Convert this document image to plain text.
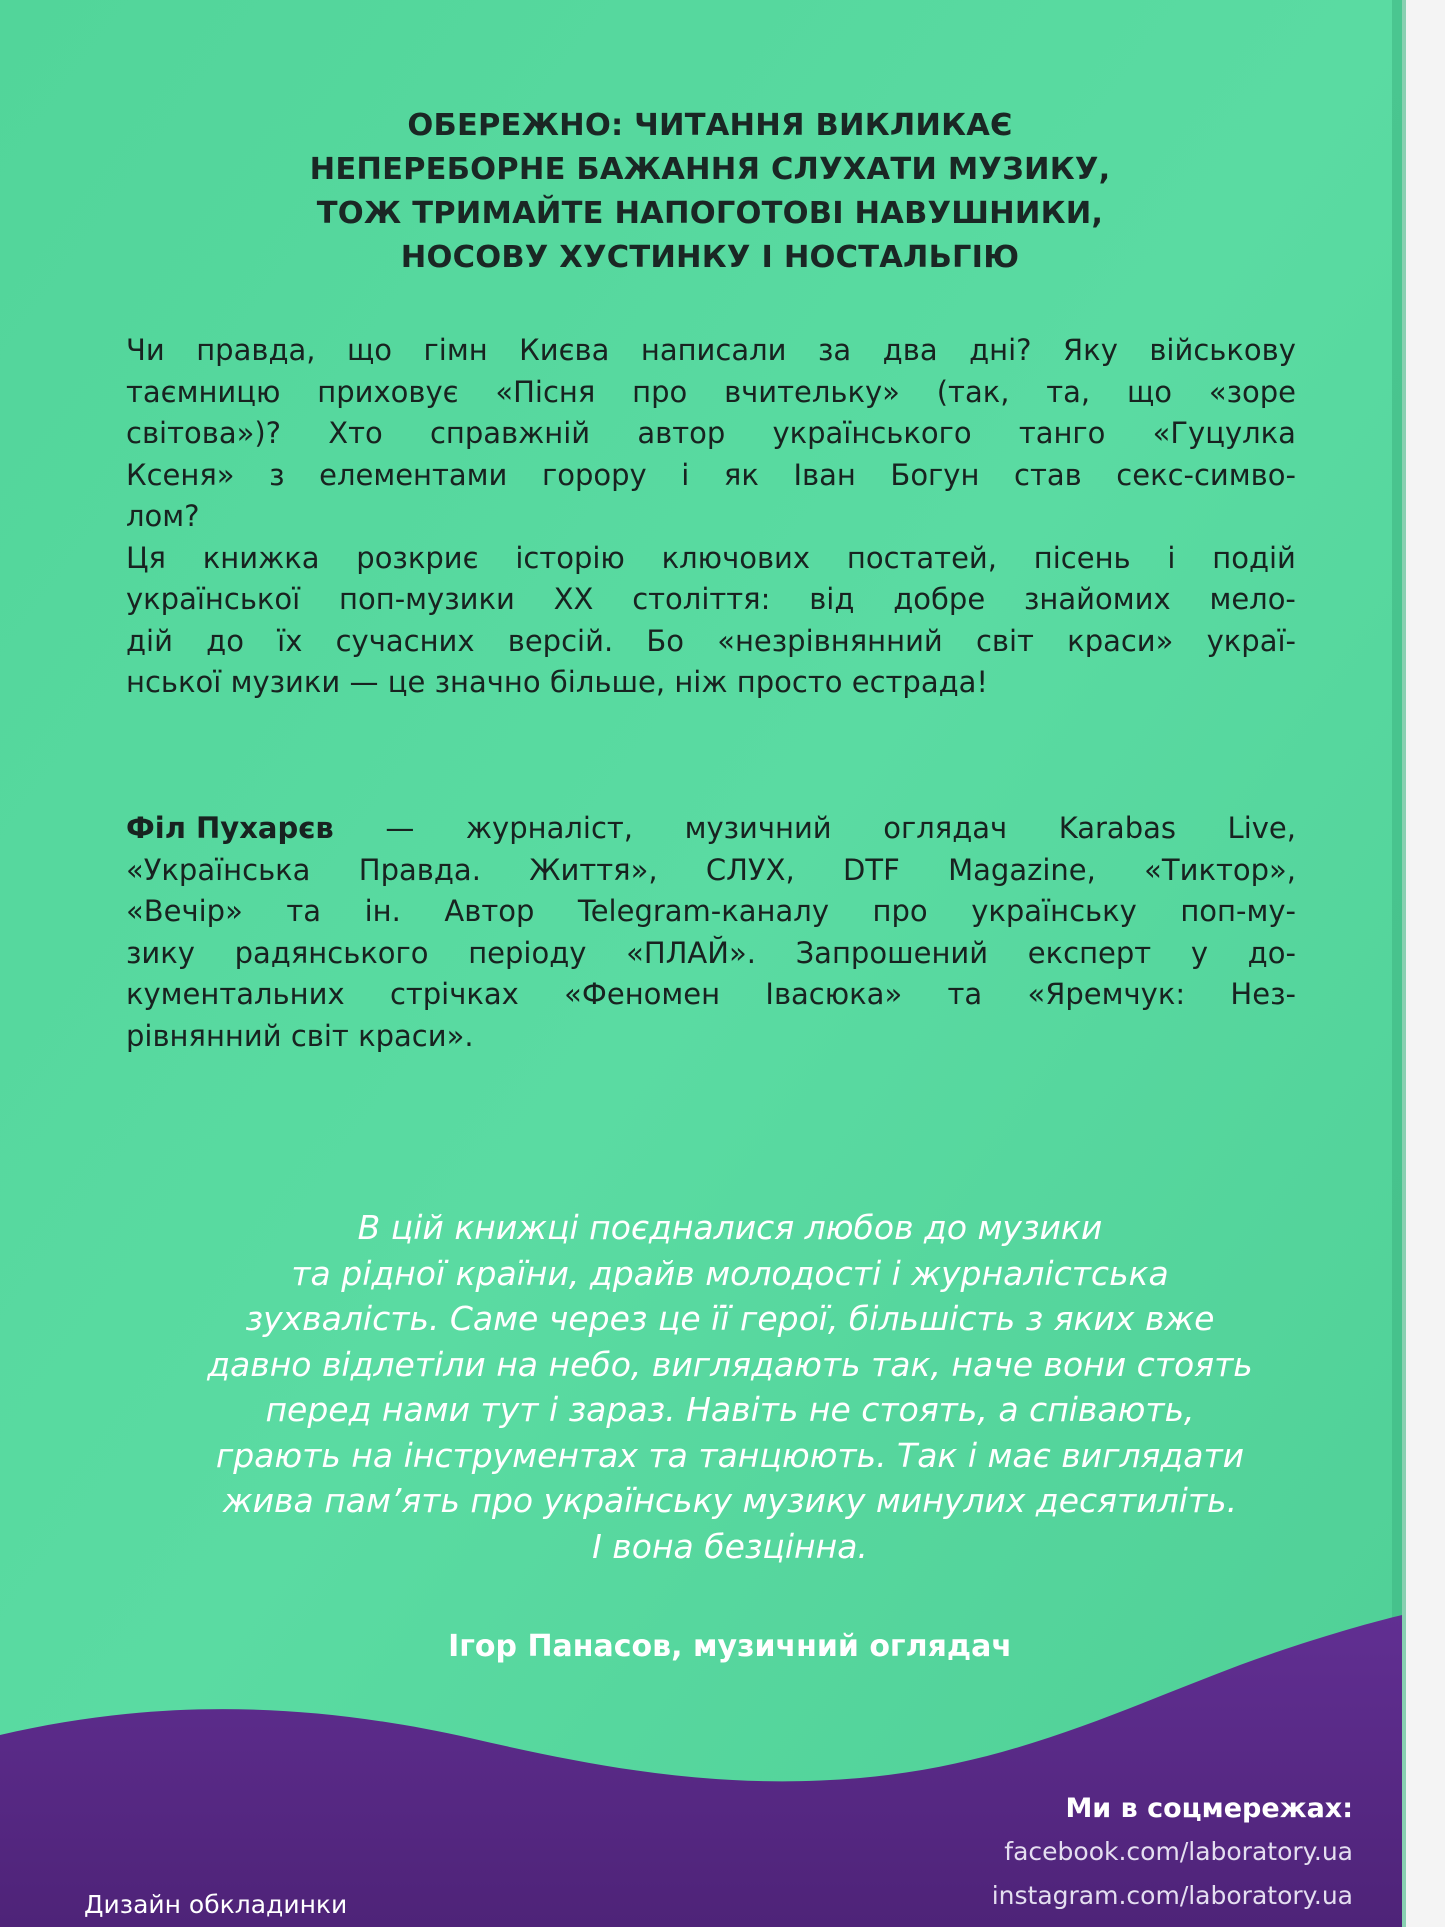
ОБЕРЕЖНО: ЧИТАННЯ ВИКЛИКАЄ
НЕПЕРЕБОРНЕ БАЖАННЯ СЛУХАТИ МУЗИКУ,
ТОЖ ТРИМАЙТЕ НАПОГОТОВІ НАВУШНИКИ,
НОСОВУ ХУСТИНКУ І НОСТАЛЬГІЮ
Чи правда, що гімн Києва написали за два дні? Яку військову
таємницю приховує «Пісня про вчительку» (так, та, що «зоре
світова»)? Хто справжній автор українського танго «Гуцулка
Ксеня» з елементами горору і як Іван Богун став секс-симво-
лом?
Ця книжка розкриє історію ключових постатей, пісень і подій
української поп-музики XX століття: від добре знайомих мело-
дій до їх сучасних версій. Бо «незрівнянний світ краси» украї-
нської музики — це значно більше, ніж просто естрада!
Філ Пухарєв — журналіст, музичний оглядач Karabas Live,
«Українська Правда. Життя», СЛУХ, DTF Magazine, «Тиктор»,
«Вечір» та ін. Автор Telegram-каналу про українську поп-му-
зику радянського періоду «ПЛАЙ». Запрошений експерт у до-
кументальних стрічках «Феномен Івасюка» та «Яремчук: Нез-
рівнянний світ краси».
В цій книжці поєдналися любов до музики
та рідної країни, драйв молодості і журналістська
зухвалість. Саме через це її герої, більшість з яких вже
давно відлетіли на небо, виглядають так, наче вони стоять
перед нами тут і зараз. Навіть не стоять, а співають,
грають на інструментах та танцюють. Так і має виглядати
жива пам’ять про українську музику минулих десятиліть.
І вона безцінна.
Ігор Панасов, музичний оглядач
Ми в соцмережах:
facebook.com/laboratory.ua
instagram.com/laboratory.ua
Дизайн обкладинки
